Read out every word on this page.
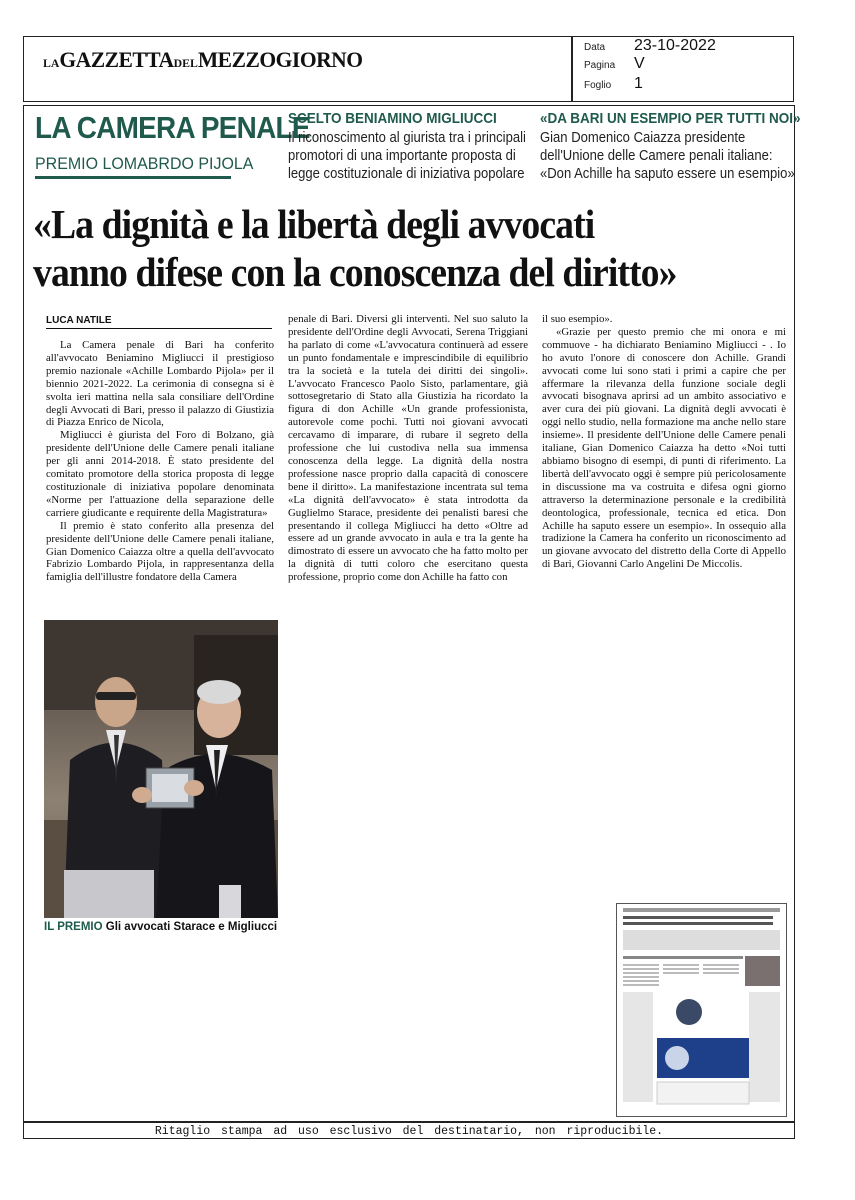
LAGAZZETTADELMEZZOGIORNO	Data 23-10-2022
Pagina V
Foglio 1
LA CAMERA PENALE
PREMIO LOMABRDO PIJOLA
SCELTO BENIAMINO MIGLIUCCI
Il riconoscimento al giurista tra i principali
promotori di una importante proposta di
legge costituzionale di iniziativa popolare
«DA BARI UN ESEMPIO PER TUTTI NOI»
Gian Domenico Caiazza presidente
dell'Unione delle Camere penali italiane:
«Don Achille ha saputo essere un esempio»
«La dignità e la libertà degli avvocati
vanno difese con la conoscenza del diritto»
LUCA NATILE

La Camera penale di Bari ha conferito all'avvocato Beniamino Migliucci il prestigioso premio nazionale «Achille Lombardo Pijola» per il biennio 2021-2022. La cerimonia di consegna si è svolta ieri mattina nella sala consiliare dell'Ordine degli Avvocati di Bari, presso il palazzo di Giustizia di Piazza Enrico de Nicola,

Migliucci è giurista del Foro di Bolzano, già presidente dell'Unione delle Camere penali italiane per gli anni 2014-2018. È stato presidente del comitato promotore della storica proposta di legge costituzionale di iniziativa popolare denominata «Norme per l'attuazione della separazione delle carriere giudicante e requirente della Magistratura»

Il premio è stato conferito alla presenza del presidente dell'Unione delle Camere penali italiane, Gian Domenico Caiazza oltre a quella dell'avvocato Fabrizio Lombardo Pijola, in rappresentanza della famiglia dell'illustre fondatore della Camera

penale di Bari. Diversi gli interventi. Nel suo saluto la presidente dell'Ordine degli Avvocati, Serena Triggiani ha parlato di come «L'avvocatura continuerà ad essere un punto fondamentale e imprescindibile di equilibrio tra la società e la tutela dei diritti dei singoli». L'avvocato Francesco Paolo Sisto, parlamentare, già sottosegretario di Stato alla Giustizia ha ricordato la figura di don Achille «Un grande professionista, autorevole come pochi. Tutti noi giovani avvocati cercavamo di imparare, di rubare il segreto della professione che lui custodiva nella sua immensa conoscenza della legge. La dignità della nostra professione nasce proprio dalla capacità di conoscere bene il diritto». La manifestazione incentrata sul tema «La dignità dell'avvocato» è stata introdotta da Guglielmo Starace, presidente dei penalisti baresi che presentando il collega Migliucci ha detto «Oltre ad essere ad un grande avvocato in aula e tra la gente ha dimostrato di essere un avvocato che ha fatto molto per la dignità di tutti coloro che esercitano questa professione, proprio come don Achille ha fatto con

il suo esempio».

«Grazie per questo premio che mi onora e mi commuove - ha dichiarato Beniamino Migliucci - . Io ho avuto l'onore di conoscere don Achille. Grandi avvocati come lui sono stati i primi a capire che per affermare la rilevanza della funzione sociale degli avvocati bisognava aprirsi ad un ambito associativo e aver cura dei più giovani. La dignità degli avvocati è oggi nello studio, nella formazione ma anche nello stare insieme». Il presidente dell'Unione delle Camere penali italiane, Gian Domenico Caiazza ha detto «Noi tutti abbiamo bisogno di esempi, di punti di riferimento. La libertà dell'avvocato oggi è sempre più pericolosamente in discussione ma va costruita e difesa ogni giorno attraverso la determinazione personale e la credibilità deontologica, professionale, tecnica ed etica. Don Achille ha saputo essere un esempio». In ossequio alla tradizione la Camera ha conferito un riconoscimento ad un giovane avvocato del distretto della Corte di Appello di Bari, Giovanni Carlo Angelini De Miccolis.

IL PREMIO Gli avvocati Starace e Migliucci
Ritaglio stampa ad uso esclusivo del destinatario, non riproducibile.
